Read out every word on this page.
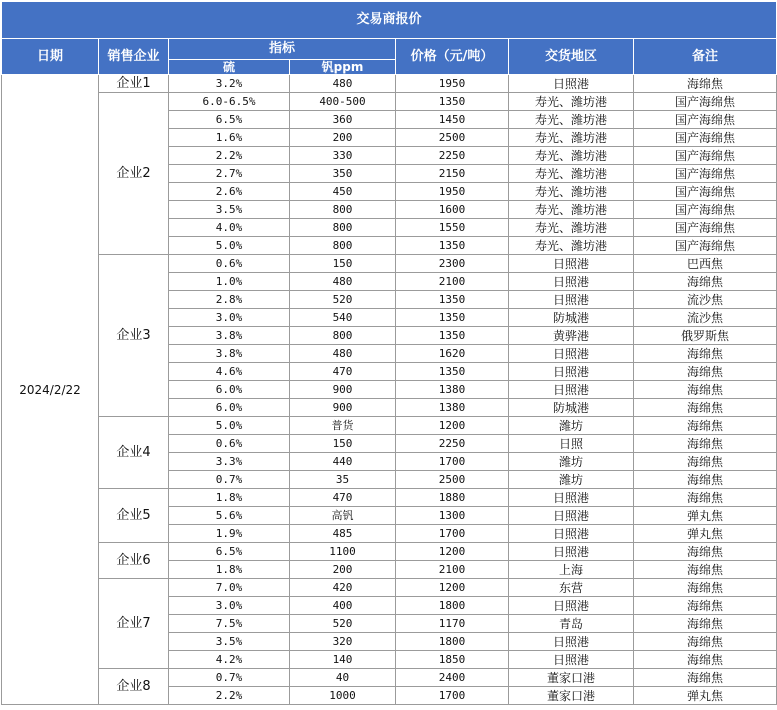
交易商报价						
日期	销售企业	指标		价格（元/吨）	交货地区	备注
		硫	钒ppm			
2024/2/22	企业1	3.2%	480	1950	日照港	海绵焦
	企业2	6.0-6.5%	400-500	1350	寿光、潍坊港	国产海绵焦
		6.5%	360	1450	寿光、潍坊港	国产海绵焦
		1.6%	200	2500	寿光、潍坊港	国产海绵焦
		2.2%	330	2250	寿光、潍坊港	国产海绵焦
		2.7%	350	2150	寿光、潍坊港	国产海绵焦
		2.6%	450	1950	寿光、潍坊港	国产海绵焦
		3.5%	800	1600	寿光、潍坊港	国产海绵焦
		4.0%	800	1550	寿光、潍坊港	国产海绵焦
		5.0%	800	1350	寿光、潍坊港	国产海绵焦
	企业3	0.6%	150	2300	日照港	巴西焦
		1.0%	480	2100	日照港	海绵焦
		2.8%	520	1350	日照港	流沙焦
		3.0%	540	1350	防城港	流沙焦
		3.8%	800	1350	黄骅港	俄罗斯焦
		3.8%	480	1620	日照港	海绵焦
		4.6%	470	1350	日照港	海绵焦
		6.0%	900	1380	日照港	海绵焦
		6.0%	900	1380	防城港	海绵焦
	企业4	5.0%	普货	1200	潍坊	海绵焦
		0.6%	150	2250	日照	海绵焦
		3.3%	440	1700	潍坊	海绵焦
		0.7%	35	2500	潍坊	海绵焦
	企业5	1.8%	470	1880	日照港	海绵焦
		5.6%	高钒	1300	日照港	弹丸焦
		1.9%	485	1700	日照港	弹丸焦
	企业6	6.5%	1100	1200	日照港	海绵焦
		1.8%	200	2100	上海	海绵焦
	企业7	7.0%	420	1200	东营	海绵焦
		3.0%	400	1800	日照港	海绵焦
		7.5%	520	1170	青岛	海绵焦
		3.5%	320	1800	日照港	海绵焦
		4.2%	140	1850	日照港	海绵焦
	企业8	0.7%	40	2400	董家口港	海绵焦
		2.2%	1000	1700	董家口港	弹丸焦
